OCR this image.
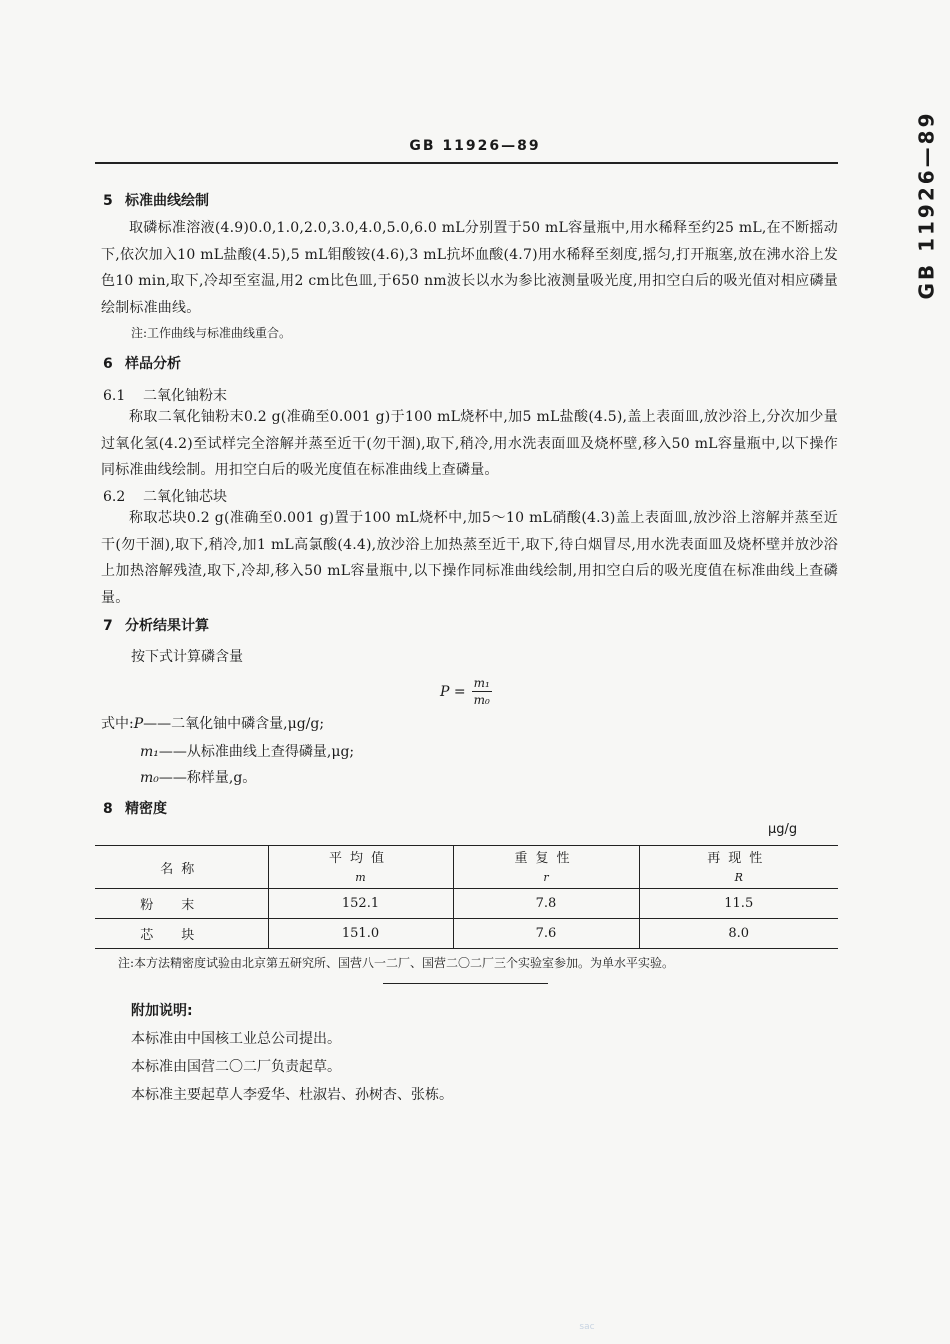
GB 11926—89	GB 11926—89
5 标准曲线绘制
取磷标准溶液(4.9)0.0,1.0,2.0,3.0,4.0,5.0,6.0 mL分别置于50 mL容量瓶中,用水稀释至约25 mL,在不断摇动下,依次加入10 mL盐酸(4.5),5 mL钼酸铵(4.6),3 mL抗坏血酸(4.7)用水稀释至刻度,摇匀,打开瓶塞,放在沸水浴上发色10 min,取下,冷却至室温,用2 cm比色皿,于650 nm波长以水为参比液测量吸光度,用扣空白后的吸光值对相应磷量绘制标准曲线。
注:工作曲线与标准曲线重合。
6 样品分析
6.1 二氧化铀粉末
称取二氧化铀粉末0.2 g(准确至0.001 g)于100 mL烧杯中,加5 mL盐酸(4.5),盖上表面皿,放沙浴上,分次加少量过氧化氢(4.2)至试样完全溶解并蒸至近干(勿干涸),取下,稍冷,用水洗表面皿及烧杯壁,移入50 mL容量瓶中,以下操作同标准曲线绘制。用扣空白后的吸光度值在标准曲线上查磷量。
6.2 二氧化铀芯块
称取芯块0.2 g(准确至0.001 g)置于100 mL烧杯中,加5～10 mL硝酸(4.3)盖上表面皿,放沙浴上溶解并蒸至近干(勿干涸),取下,稍冷,加1 mL高氯酸(4.4),放沙浴上加热蒸至近干,取下,待白烟冒尽,用水洗表面皿及烧杯壁并放沙浴上加热溶解残渣,取下,冷却,移入50 mL容量瓶中,以下操作同标准曲线绘制,用扣空白后的吸光度值在标准曲线上查磷量。
7 分析结果计算
按下式计算磷含量
$P = \frac{\text{m₁}}{\text{m₀}}$
式中:P——二氧化铀中磷含量,μg/g;
m₁——从标准曲线上查得磷量,μg;
m₀——称样量,g。
8 精密度
μg/g
名称	平均值	重复性	再现性
	m	r	R
粉末	152.1	7.8	11.5
芯块	151.0	7.6	8.0
注:本方法精密度试验由北京第五研究所、国营八一二厂、国营二〇二厂三个实验室参加。为单水平实验。
附加说明:
本标准由中国核工业总公司提出。
本标准由国营二〇二厂负责起草。
本标准主要起草人李爱华、杜淑岩、孙树杏、张栋。
sac
